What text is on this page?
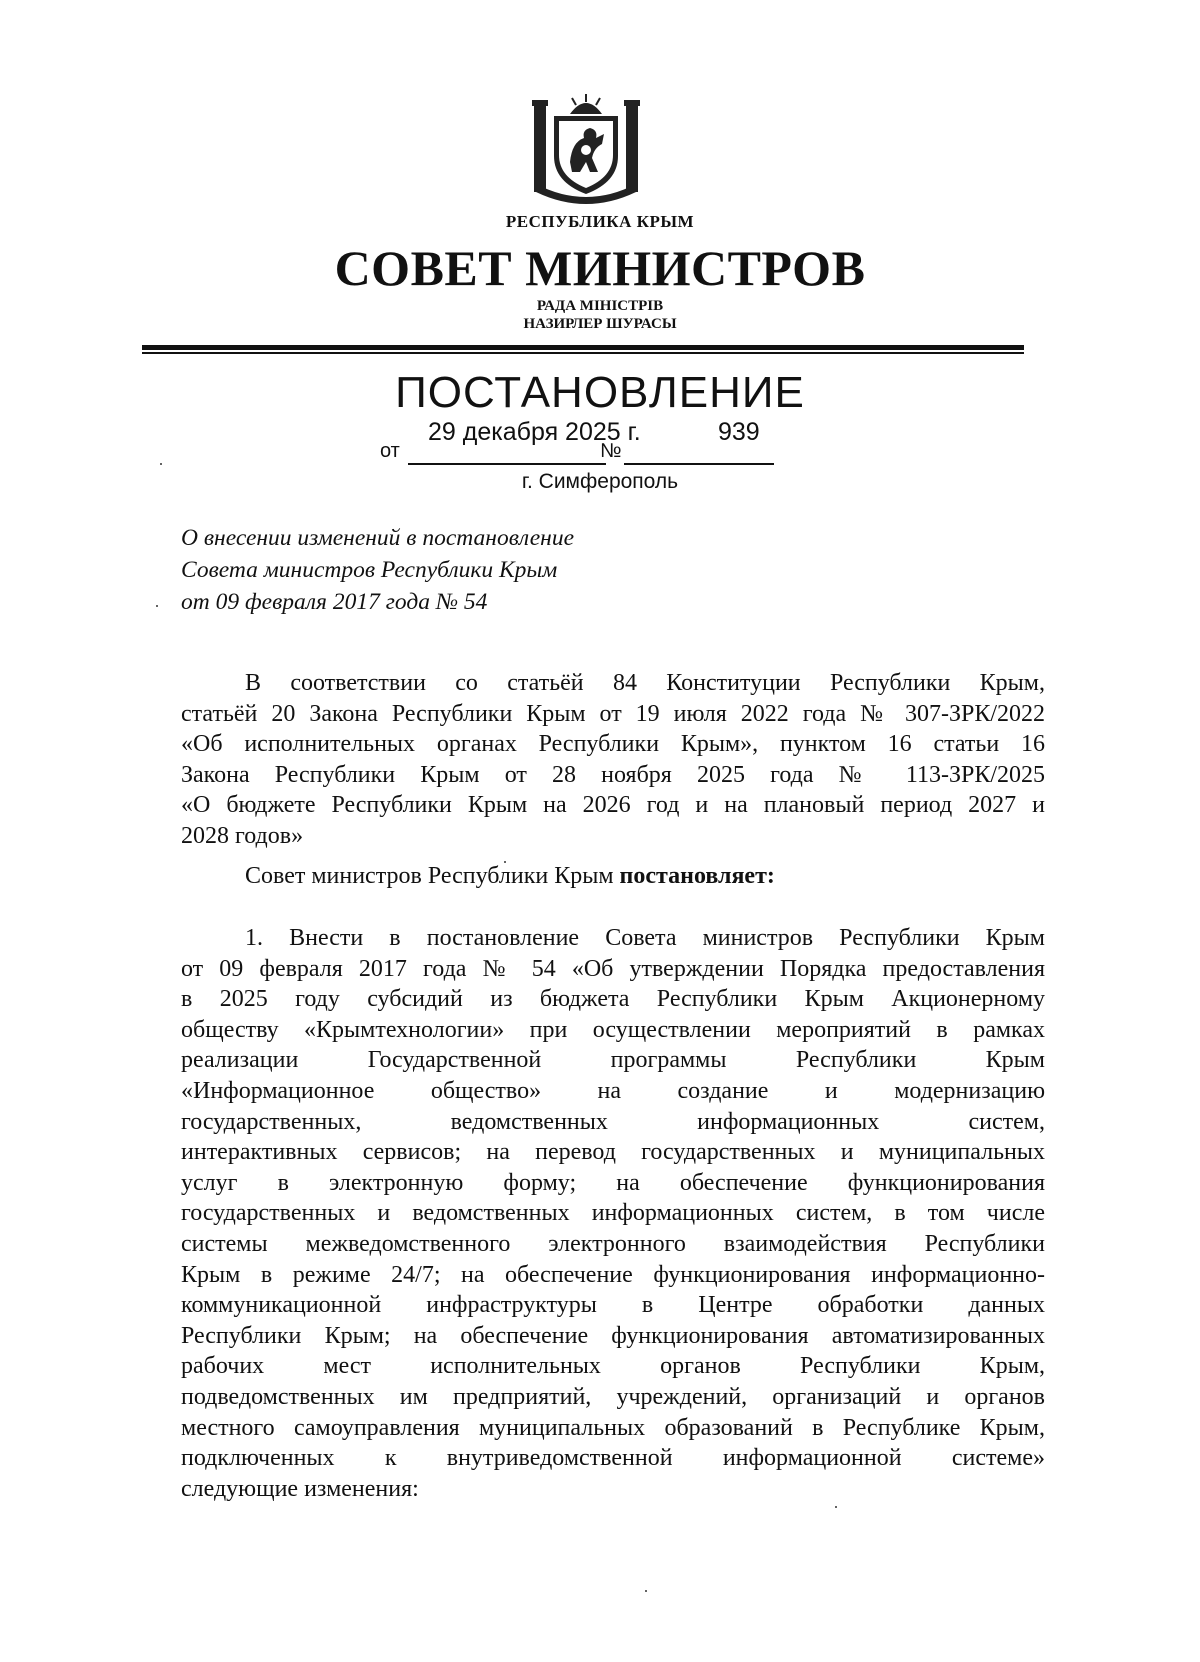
РЕСПУБЛИКА КРЫМ
СОВЕТ МИНИСТРОВ
РАДА МІНІСТРІВ
НАЗИРЛЕР ШУРАСЫ
ПОСТАНОВЛЕНИЕ
29 декабря 2025 г.	939
от	№
г. Симферополь
О внесении изменений в постановление
Совета министров Республики Крым
от 09 февраля 2017 года № 54
В соответствии со статьёй 84 Конституции Республики Крым,
статьёй 20 Закона Республики Крым от 19 июля 2022 года № 307-ЗРК/2022
«Об исполнительных органах Республики Крым», пунктом 16 статьи 16
Закона Республики Крым от 28 ноября 2025 года № 113-ЗРК/2025
«О бюджете Республики Крым на 2026 год и на плановый период 2027 и
2028 годов»
Совет министров Республики Крым постановляет:
1. Внести в постановление Совета министров Республики Крым
от 09 февраля 2017 года № 54 «Об утверждении Порядка предоставления
в 2025 году субсидий из бюджета Республики Крым Акционерному
обществу «Крымтехнологии» при осуществлении мероприятий в рамках
реализации Государственной программы Республики Крым
«Информационное общество» на создание и модернизацию
государственных, ведомственных информационных систем,
интерактивных сервисов; на перевод государственных и муниципальных
услуг в электронную форму; на обеспечение функционирования
государственных и ведомственных информационных систем, в том числе
системы межведомственного электронного взаимодействия Республики
Крым в режиме 24/7; на обеспечение функционирования информационно-
коммуникационной инфраструктуры в Центре обработки данных
Республики Крым; на обеспечение функционирования автоматизированных
рабочих мест исполнительных органов Республики Крым,
подведомственных им предприятий, учреждений, организаций и органов
местного самоуправления муниципальных образований в Республике Крым,
подключенных к внутриведомственной информационной системе»
следующие изменения:
